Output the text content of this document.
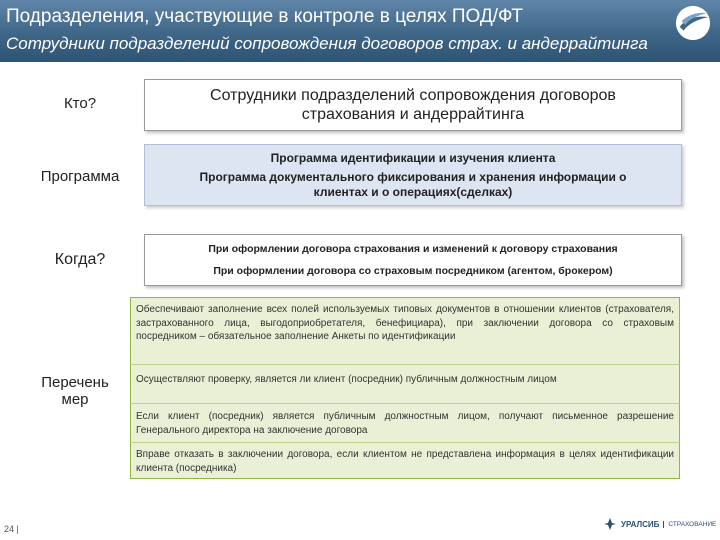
Подразделения, участвующие в контроле в целях ПОД/ФТ
Сотрудники подразделений сопровождения договоров страх. и андеррайтинга
Кто?	Сотрудники подразделений сопровождения договоров
страхования и андеррайтинга
Программа
Программа идентификации и изучения клиента
Программа документального фиксирования и хранения информации о
клиентах и о операциях(сделках)
Когда?
При оформлении договора страхования и изменений к договору страхования
При оформлении договора со страховым посредником (агентом, брокером)
Перечень
мер
Обеспечивают заполнение всех полей используемых типовых документов в отношении клиентов (страхователя, застрахованного лица, выгодоприобретателя, бенефициара), при заключении договора со страховым посредником – обязательное заполнение Анкеты по идентификации
Осуществляют проверку, является ли клиент (посредник) публичным должностным лицом
Если клиент (посредник) является публичным должностным лицом, получают письменное разрешение Генерального директора на заключение договора
Вправе отказать в заключении договора, если клиентом не представлена информация в целях идентификации клиента (посредника)
24 |	УРАЛСИБ	СТРАХОВАНИЕ
